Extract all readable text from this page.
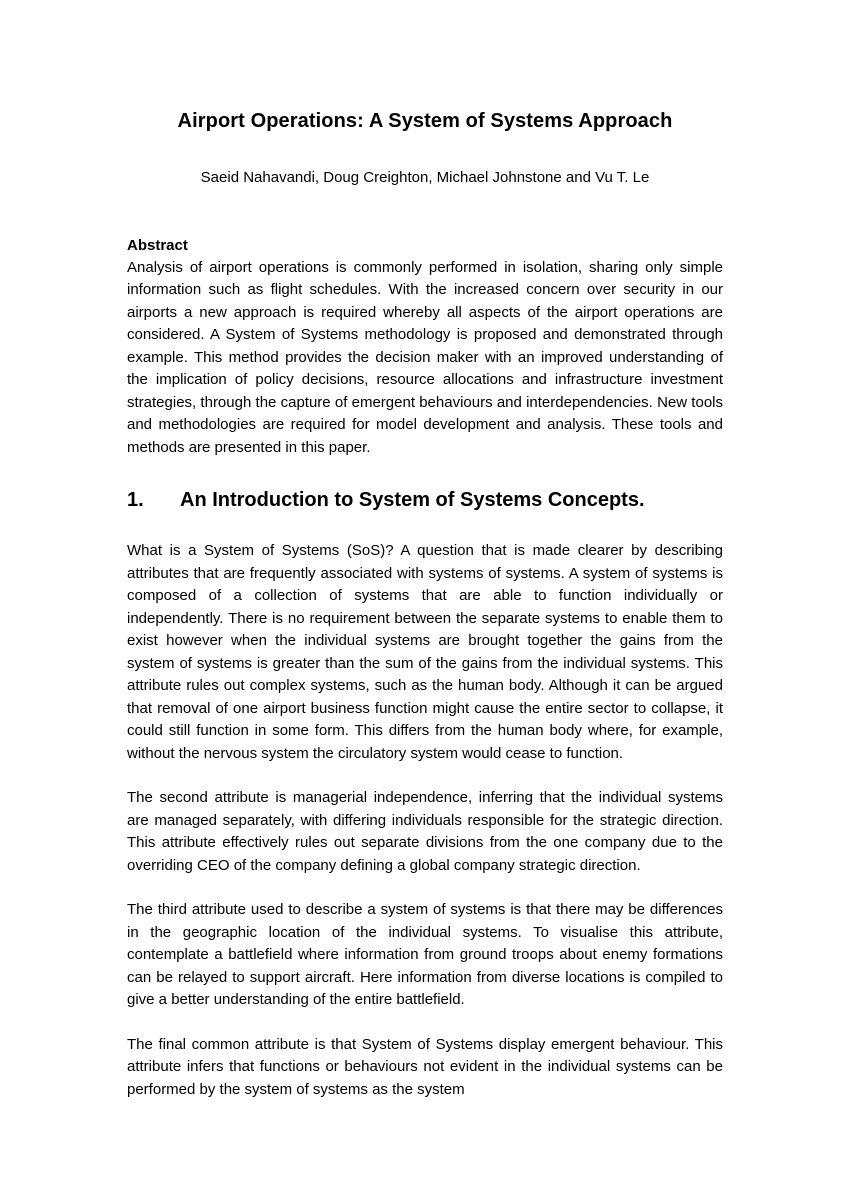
Airport Operations: A System of Systems Approach
Saeid Nahavandi, Doug Creighton, Michael Johnstone and Vu T. Le
Abstract
Analysis of airport operations is commonly performed in isolation, sharing only simple information such as flight schedules. With the increased concern over security in our airports a new approach is required whereby all aspects of the airport operations are considered. A System of Systems methodology is proposed and demonstrated through example. This method provides the decision maker with an improved understanding of the implication of policy decisions, resource allocations and infrastructure investment strategies, through the capture of emergent behaviours and interdependencies. New tools and methodologies are required for model development and analysis. These tools and methods are presented in this paper.
1.	An Introduction to System of Systems Concepts.

What is a System of Systems (SoS)? A question that is made clearer by describing attributes that are frequently associated with systems of systems. A system of systems is composed of a collection of systems that are able to function individually or independently. There is no requirement between the separate systems to enable them to exist however when the individual systems are brought together the gains from the system of systems is greater than the sum of the gains from the individual systems. This attribute rules out complex systems, such as the human body. Although it can be argued that removal of one airport business function might cause the entire sector to collapse, it could still function in some form. This differs from the human body where, for example, without the nervous system the circulatory system would cease to function.

The second attribute is managerial independence, inferring that the individual systems are managed separately, with differing individuals responsible for the strategic direction. This attribute effectively rules out separate divisions from the one company due to the overriding CEO of the company defining a global company strategic direction.

The third attribute used to describe a system of systems is that there may be differences in the geographic location of the individual systems. To visualise this attribute, contemplate a battlefield where information from ground troops about enemy formations can be relayed to support aircraft. Here information from diverse locations is compiled to give a better understanding of the entire battlefield.

The final common attribute is that System of Systems display emergent behaviour. This attribute infers that functions or behaviours not evident in the individual systems can be performed by the system of systems as the system
